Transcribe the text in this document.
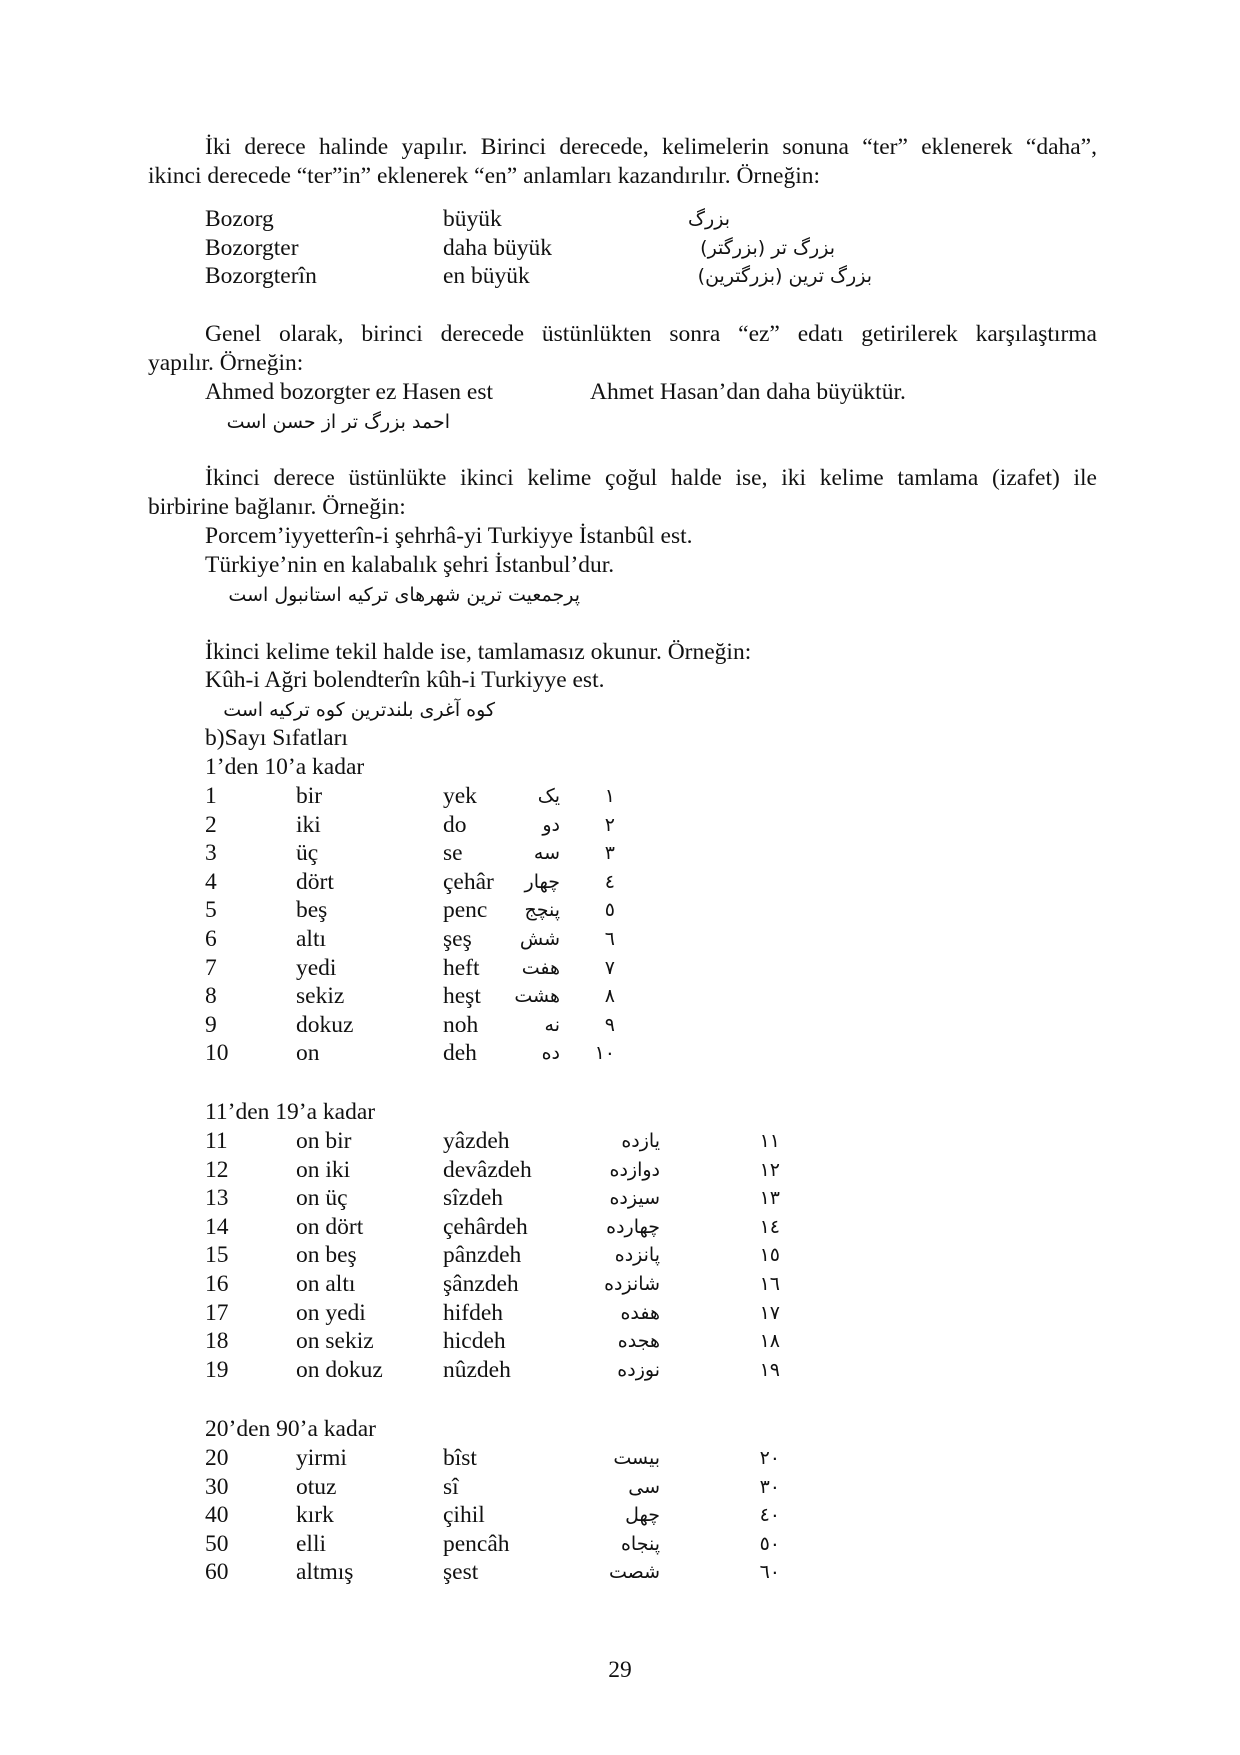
İki derece halinde yapılır. Birinci derecede, kelimelerin sonuna “ter” eklenerek “daha”,
ikinci derecede “ter”in” eklenerek “en” anlamları kazandırılır. Örneğin:
Bozorg	büyük	بزرگ
Bozorgter	daha büyük	بزرگ تر (بزرگتر)
Bozorgterîn	en büyük	بزرگ ترین (بزرگترین)
Genel olarak, birinci derecede üstünlükten sonra “ez” edatı getirilerek karşılaştırma
yapılır. Örneğin:
Ahmed bozorgter ez Hasen est	Ahmet Hasan’dan daha büyüktür.
احمد بزرگ تر از حسن است
İkinci derece üstünlükte ikinci kelime çoğul halde ise, iki kelime tamlama (izafet) ile
birbirine bağlanır. Örneğin:
Porcem’iyyetterîn-i şehrhâ-yi Turkiyye İstanbûl est.
Türkiye’nin en kalabalık şehri İstanbul’dur.
پرجمعیت ترین شهرهای ترکیه استانبول است
İkinci kelime tekil halde ise, tamlamasız okunur. Örneğin:
Kûh-i Ağri bolendterîn kûh-i Turkiyye est.
کوه آغری بلندترین کوه ترکیه است
b)Sayı Sıfatları
1’den 10’a kadar
1	bir	yek	یک ۱
2	iki	do	دو ۲
3	üç	se	سه ۳
4	dört	çehâr چهار ٤
5	beş	penc پنچج ٥
6	altı	şeş	شش ٦
7	yedi	heft هفت ۷
8	sekiz	heşt هشت ۸
9	dokuz	noh	نه ۹
10	on	deh	ده ۱۰
11’den 19’a kadar
11	on bir	yâzdeh	یازده	۱۱
12	on iki	devâzdeh	دوازده	۱۲
13	on üç	sîzdeh	سیزده	۱۳
14	on dört	çehârdeh	چهارده	۱٤
15	on beş	pânzdeh	پانزده	۱٥
16	on altı	şânzdeh	شانزده	۱٦
17	on yedi	hifdeh	هفده	۱۷
18	on sekiz	hicdeh	هجده	۱۸
19	on dokuz	nûzdeh	نوزده	۱۹
20’den 90’a kadar
20	yirmi	bîst	بیست	۲۰
30	otuz	sî	سی	۳۰
40	kırk	çihil	چهل	٤۰
50	elli	pencâh	پنجاه	٥۰
60	altmış	şest	شصت	٦۰
29
